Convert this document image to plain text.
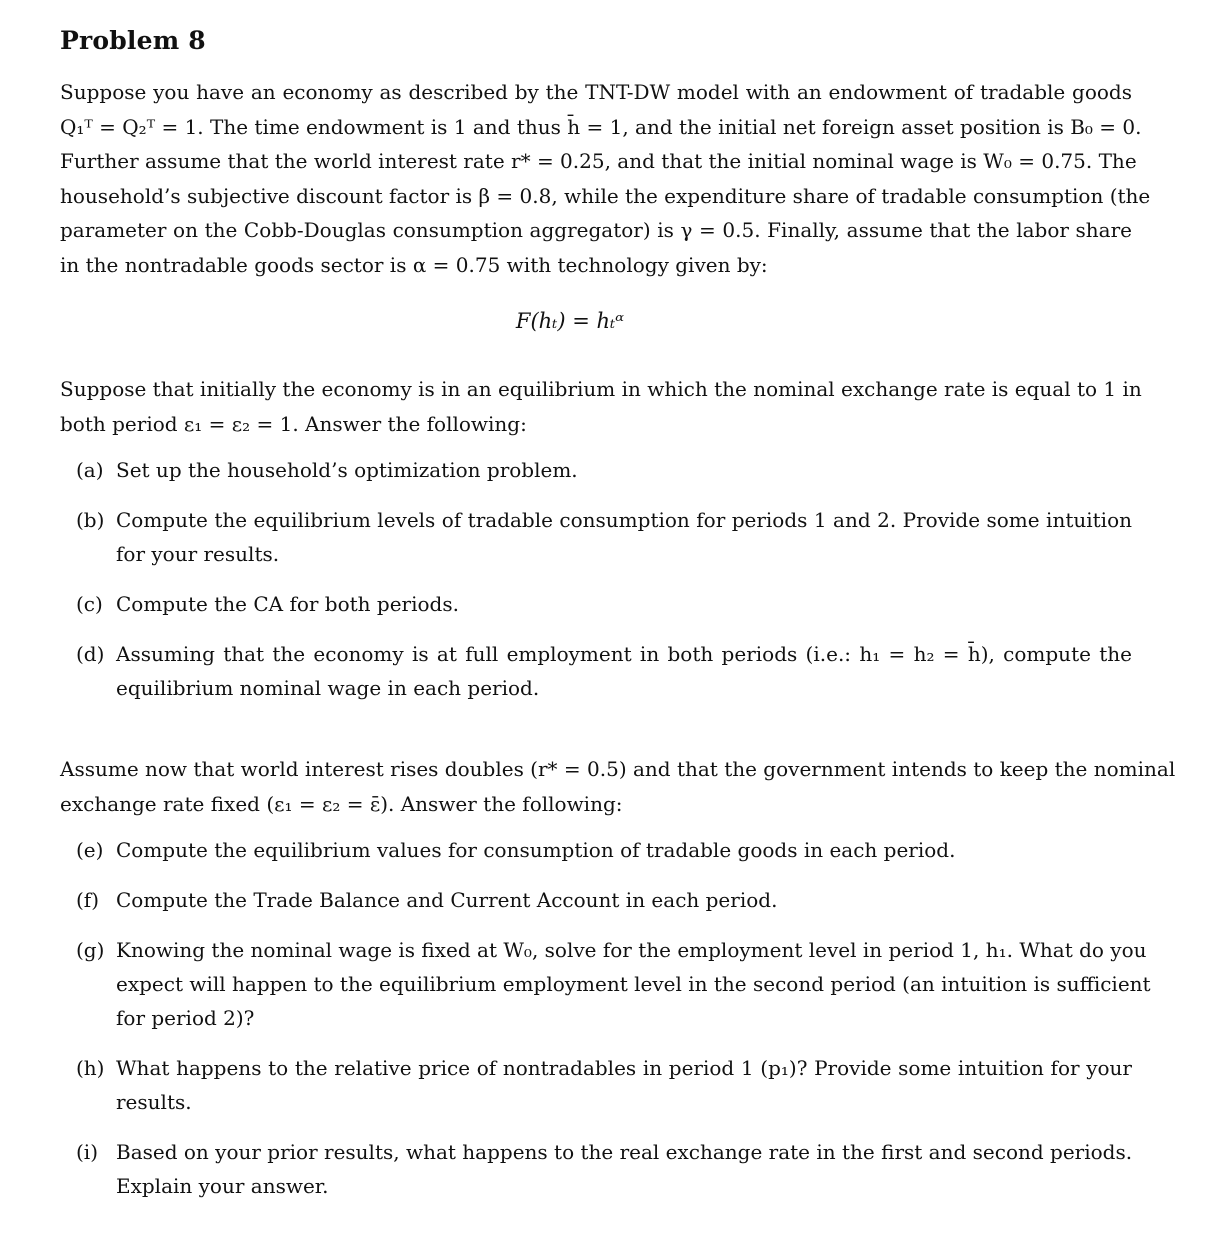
Problem 8
Suppose you have an economy as described by the TNT-DW model with an endowment of tradable goods
Q₁ᵀ = Q₂ᵀ = 1. The time endowment is 1 and thus h̄ = 1, and the initial net foreign asset position is B₀ = 0.
Further assume that the world interest rate r* = 0.25, and that the initial nominal wage is W₀ = 0.75. The
household’s subjective discount factor is β = 0.8, while the expenditure share of tradable consumption (the
parameter on the Cobb-Douglas consumption aggregator) is γ = 0.5. Finally, assume that the labor share
in the nontradable goods sector is α = 0.75 with technology given by:
F(hₜ) = hₜᵅ
Suppose that initially the economy is in an equilibrium in which the nominal exchange rate is equal to 1 in
both period ε₁ = ε₂ = 1. Answer the following:
(a) Set up the household’s optimization problem.
(b) Compute the equilibrium levels of tradable consumption for periods 1 and 2. Provide some intuition
for your results.
(c) Compute the CA for both periods.
(d) Assuming that the economy is at full employment in both periods (i.e.: h₁ = h₂ = h̄), compute the
equilibrium nominal wage in each period.
Assume now that world interest rises doubles (r* = 0.5) and that the government intends to keep the nominal
exchange rate fixed (ε₁ = ε₂ = ε̄). Answer the following:
(e) Compute the equilibrium values for consumption of tradable goods in each period.
(f) Compute the Trade Balance and Current Account in each period.
(g) Knowing the nominal wage is fixed at W₀, solve for the employment level in period 1, h₁. What do you
expect will happen to the equilibrium employment level in the second period (an intuition is sufficient
for period 2)?
(h) What happens to the relative price of nontradables in period 1 (p₁)? Provide some intuition for your
results.
(i) Based on your prior results, what happens to the real exchange rate in the first and second periods.
Explain your answer.
